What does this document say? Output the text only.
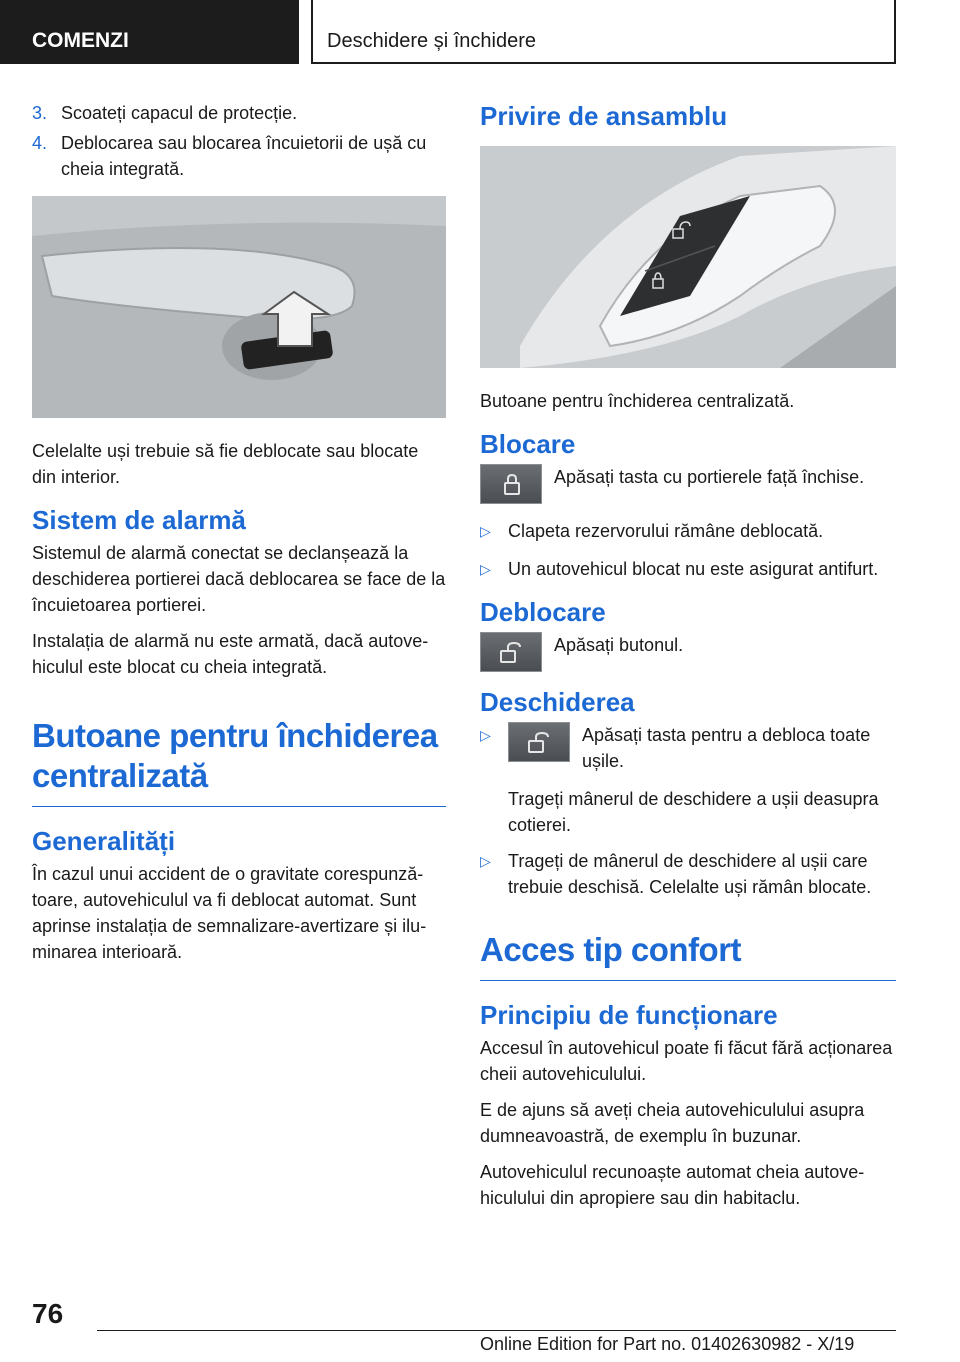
COMENZI	Deschidere și închidere
3. Scoateți capacul de protecție.
4. Deblocarea sau blocarea încuietorii de ușă cu cheia integrată.

Celelalte uși trebuie să fie deblocate sau blocate din interior.

Sistem de alarmă

Sistemul de alarmă conectat se declanșează la deschiderea portierei dacă deblocarea se face de la încuietoarea portierei.

Instalația de alarmă nu este armată, dacă autovehiculul este blocat cu cheia integrată.

Butoane pentru închiderea centralizată
Generalități

În cazul unui accident de o gravitate corespunzătoare, autovehiculul va fi deblocat automat. Sunt aprinse instalația de semnalizare-avertizare și iluminarea interioară.

Privire de ansamblu

Butoane pentru închiderea centralizată.

Blocare
Apăsați tasta cu portierele față închise.
▷ Clapeta rezervorului rămâne deblocată.
▷ Un autovehicul blocat nu este asigurat antifurt.
Deblocare
Apăsați butonul.
Deschiderea
▷	Apăsați tasta pentru a debloca toate ușile.

Trageți mânerul de deschidere a ușii deasupra cotierei.

▷ Trageți de mânerul de deschidere al ușii care trebuie deschisă. Celelalte uși rămân blocate.
Acces tip confort
Principiu de funcționare

Accesul în autovehicul poate fi făcut fără acționarea cheii autovehiculului.

E de ajuns să aveți cheia autovehiculului asupra dumneavoastră, de exemplu în buzunar.

Autovehiculul recunoaște automat cheia autovehiculului din apropiere sau din habitaclu.

76
Online Edition for Part no. 01402630982 - X/19
